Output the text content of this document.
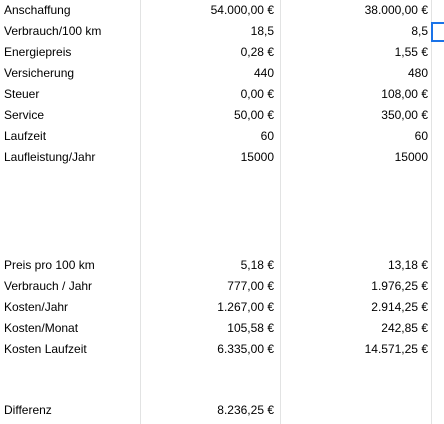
Anschaffung	54.000,00 €	38.000,00 €
Verbrauch/100 km	18,5	8,5
Energiepreis	0,28 €	1,55 €
Versicherung	440	480
Steuer	0,00 €	108,00 €
Service	50,00 €	350,00 €
Laufzeit	60	60
Laufleistung/Jahr	15000	15000
Preis pro 100 km	5,18 €	13,18 €
Verbrauch / Jahr	777,00 €	1.976,25 €
Kosten/Jahr	1.267,00 €	2.914,25 €
Kosten/Monat	105,58 €	242,85 €
Kosten Laufzeit	6.335,00 €	14.571,25 €
Differenz	8.236,25 €
